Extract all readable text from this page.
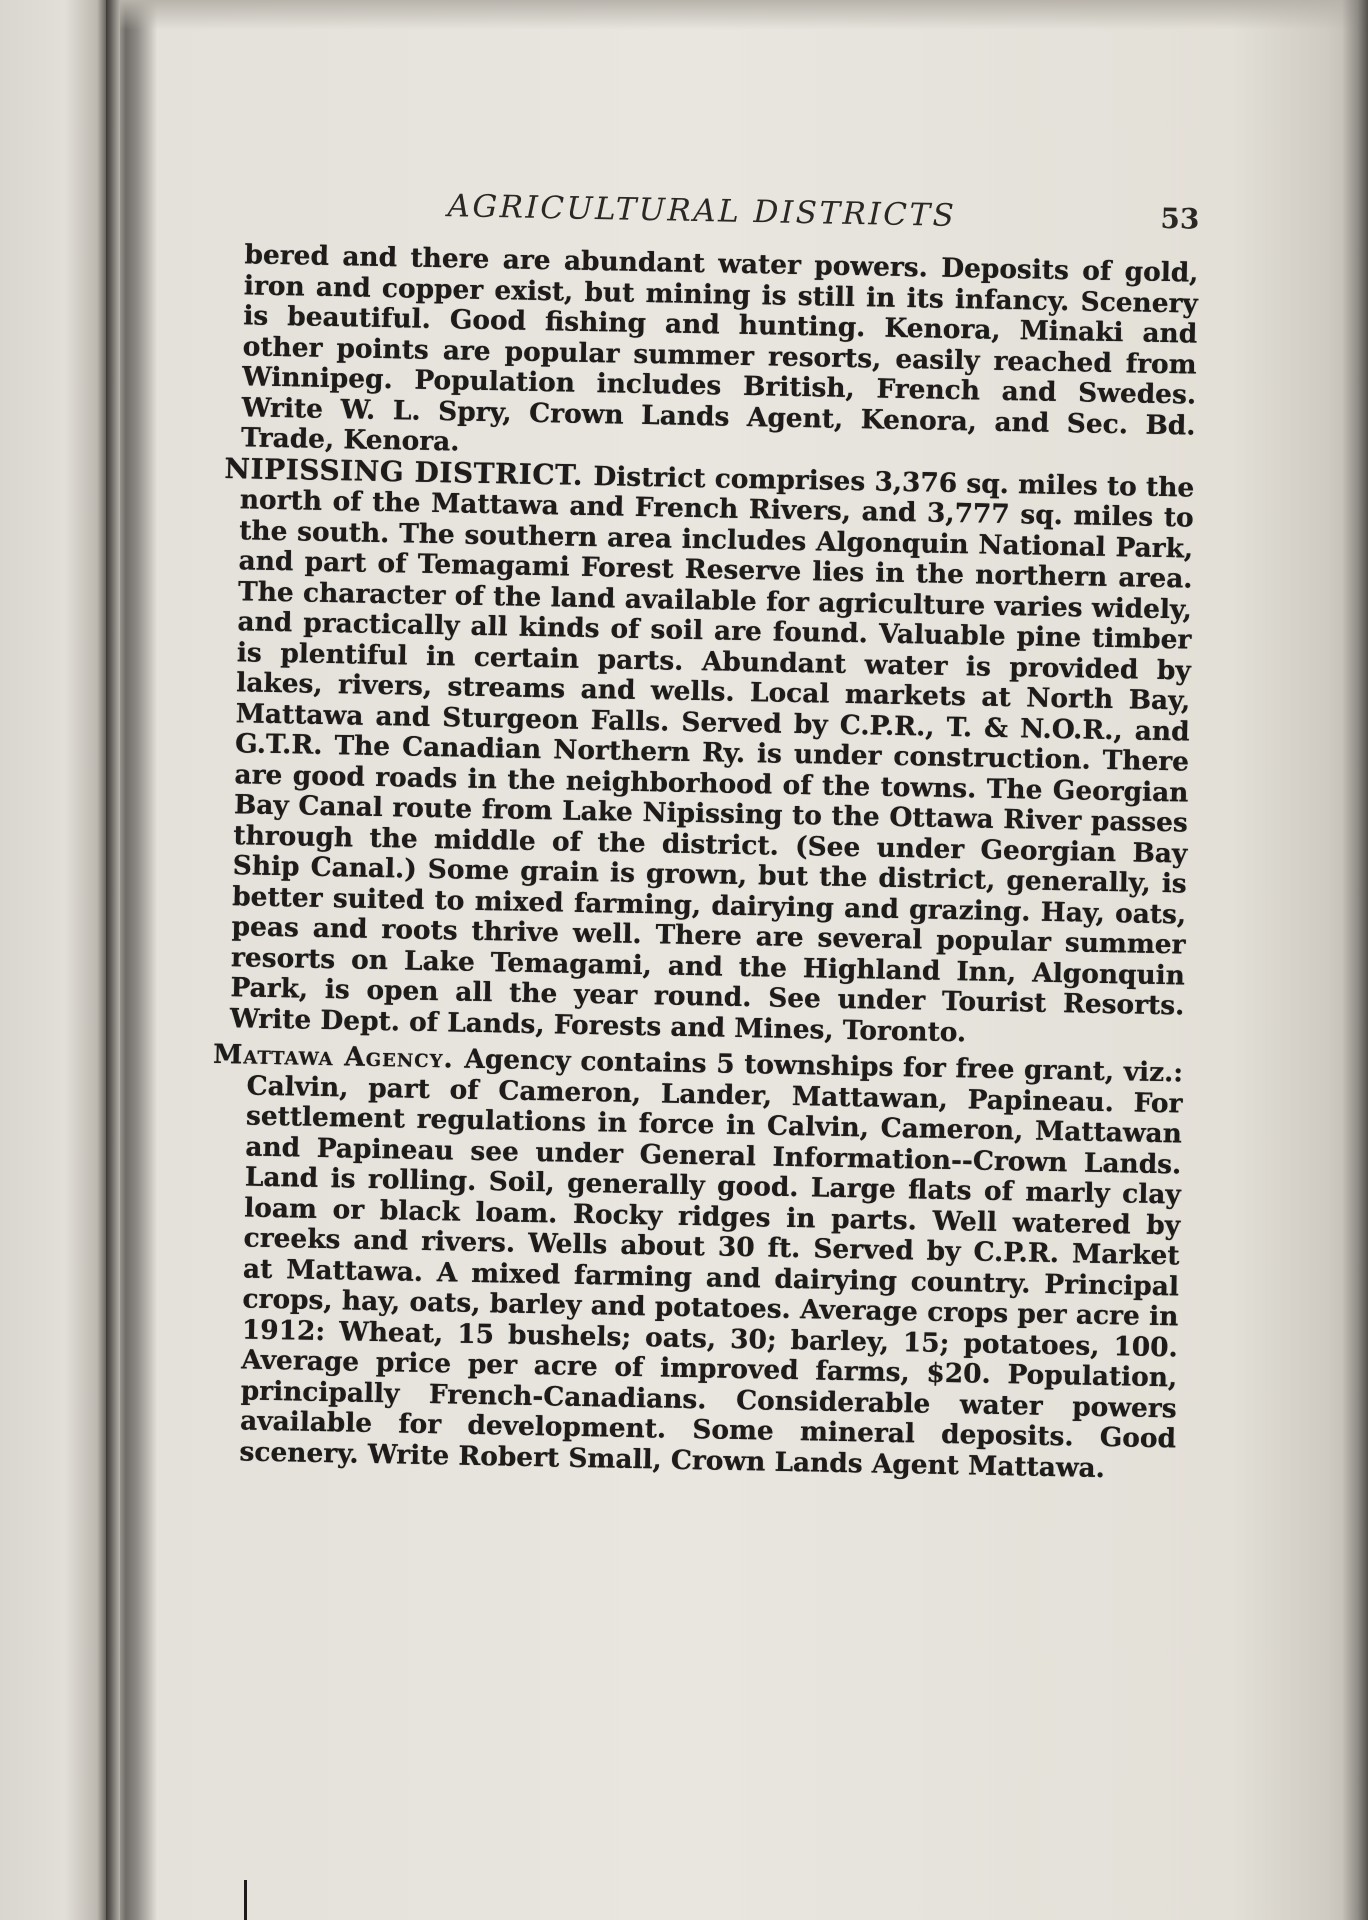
AGRICULTURAL DISTRICTS	53

bered and there are abundant water powers. Deposits of gold, iron and copper exist, but mining is still in its infancy. Scenery is beautiful. Good fishing and hunting. Kenora, Minaki and other points are popular summer resorts, easily reached from Winnipeg. Population includes British, French and Swedes. Write W. L. Spry, Crown Lands Agent, Kenora, and Sec. Bd. Trade, Kenora.

NIPISSING DISTRICT. District comprises 3,376 sq. miles to the north of the Mattawa and French Rivers, and 3,777 sq. miles to the south. The southern area includes Algonquin National Park, and part of Temagami Forest Reserve lies in the northern area. The character of the land available for agriculture varies widely, and practically all kinds of soil are found. Valuable pine timber is plentiful in certain parts. Abundant water is provided by lakes, rivers, streams and wells. Local markets at North Bay, Mattawa and Sturgeon Falls. Served by C.P.R., T. & N.O.R., and G.T.R. The Canadian Northern Ry. is under construction. There are good roads in the neighborhood of the towns. The Georgian Bay Canal route from Lake Nipissing to the Ottawa River passes through the middle of the district. (See under Georgian Bay Ship Canal.) Some grain is grown, but the district, generally, is better suited to mixed farming, dairying and grazing. Hay, oats, peas and roots thrive well. There are several popular summer resorts on Lake Temagami, and the Highland Inn, Algonquin Park, is open all the year round. See under Tourist Resorts. Write Dept. of Lands, Forests and Mines, Toronto.

Mattawa Agency. Agency contains 5 townships for free grant, viz.: Calvin, part of Cameron, Lander, Mattawan, Papineau. For settlement regulations in force in Calvin, Cameron, Mattawan and Papineau see under General Information--Crown Lands. Land is rolling. Soil, generally good. Large flats of marly clay loam or black loam. Rocky ridges in parts. Well watered by creeks and rivers. Wells about 30 ft. Served by C.P.R. Market at Mattawa. A mixed farming and dairying country. Principal crops, hay, oats, barley and potatoes. Average crops per acre in 1912: Wheat, 15 bushels; oats, 30; barley, 15; potatoes, 100. Average price per acre of improved farms, $20. Population, principally French-Canadians. Considerable water powers available for development. Some mineral deposits. Good scenery. Write Robert Small, Crown Lands Agent Mattawa.
